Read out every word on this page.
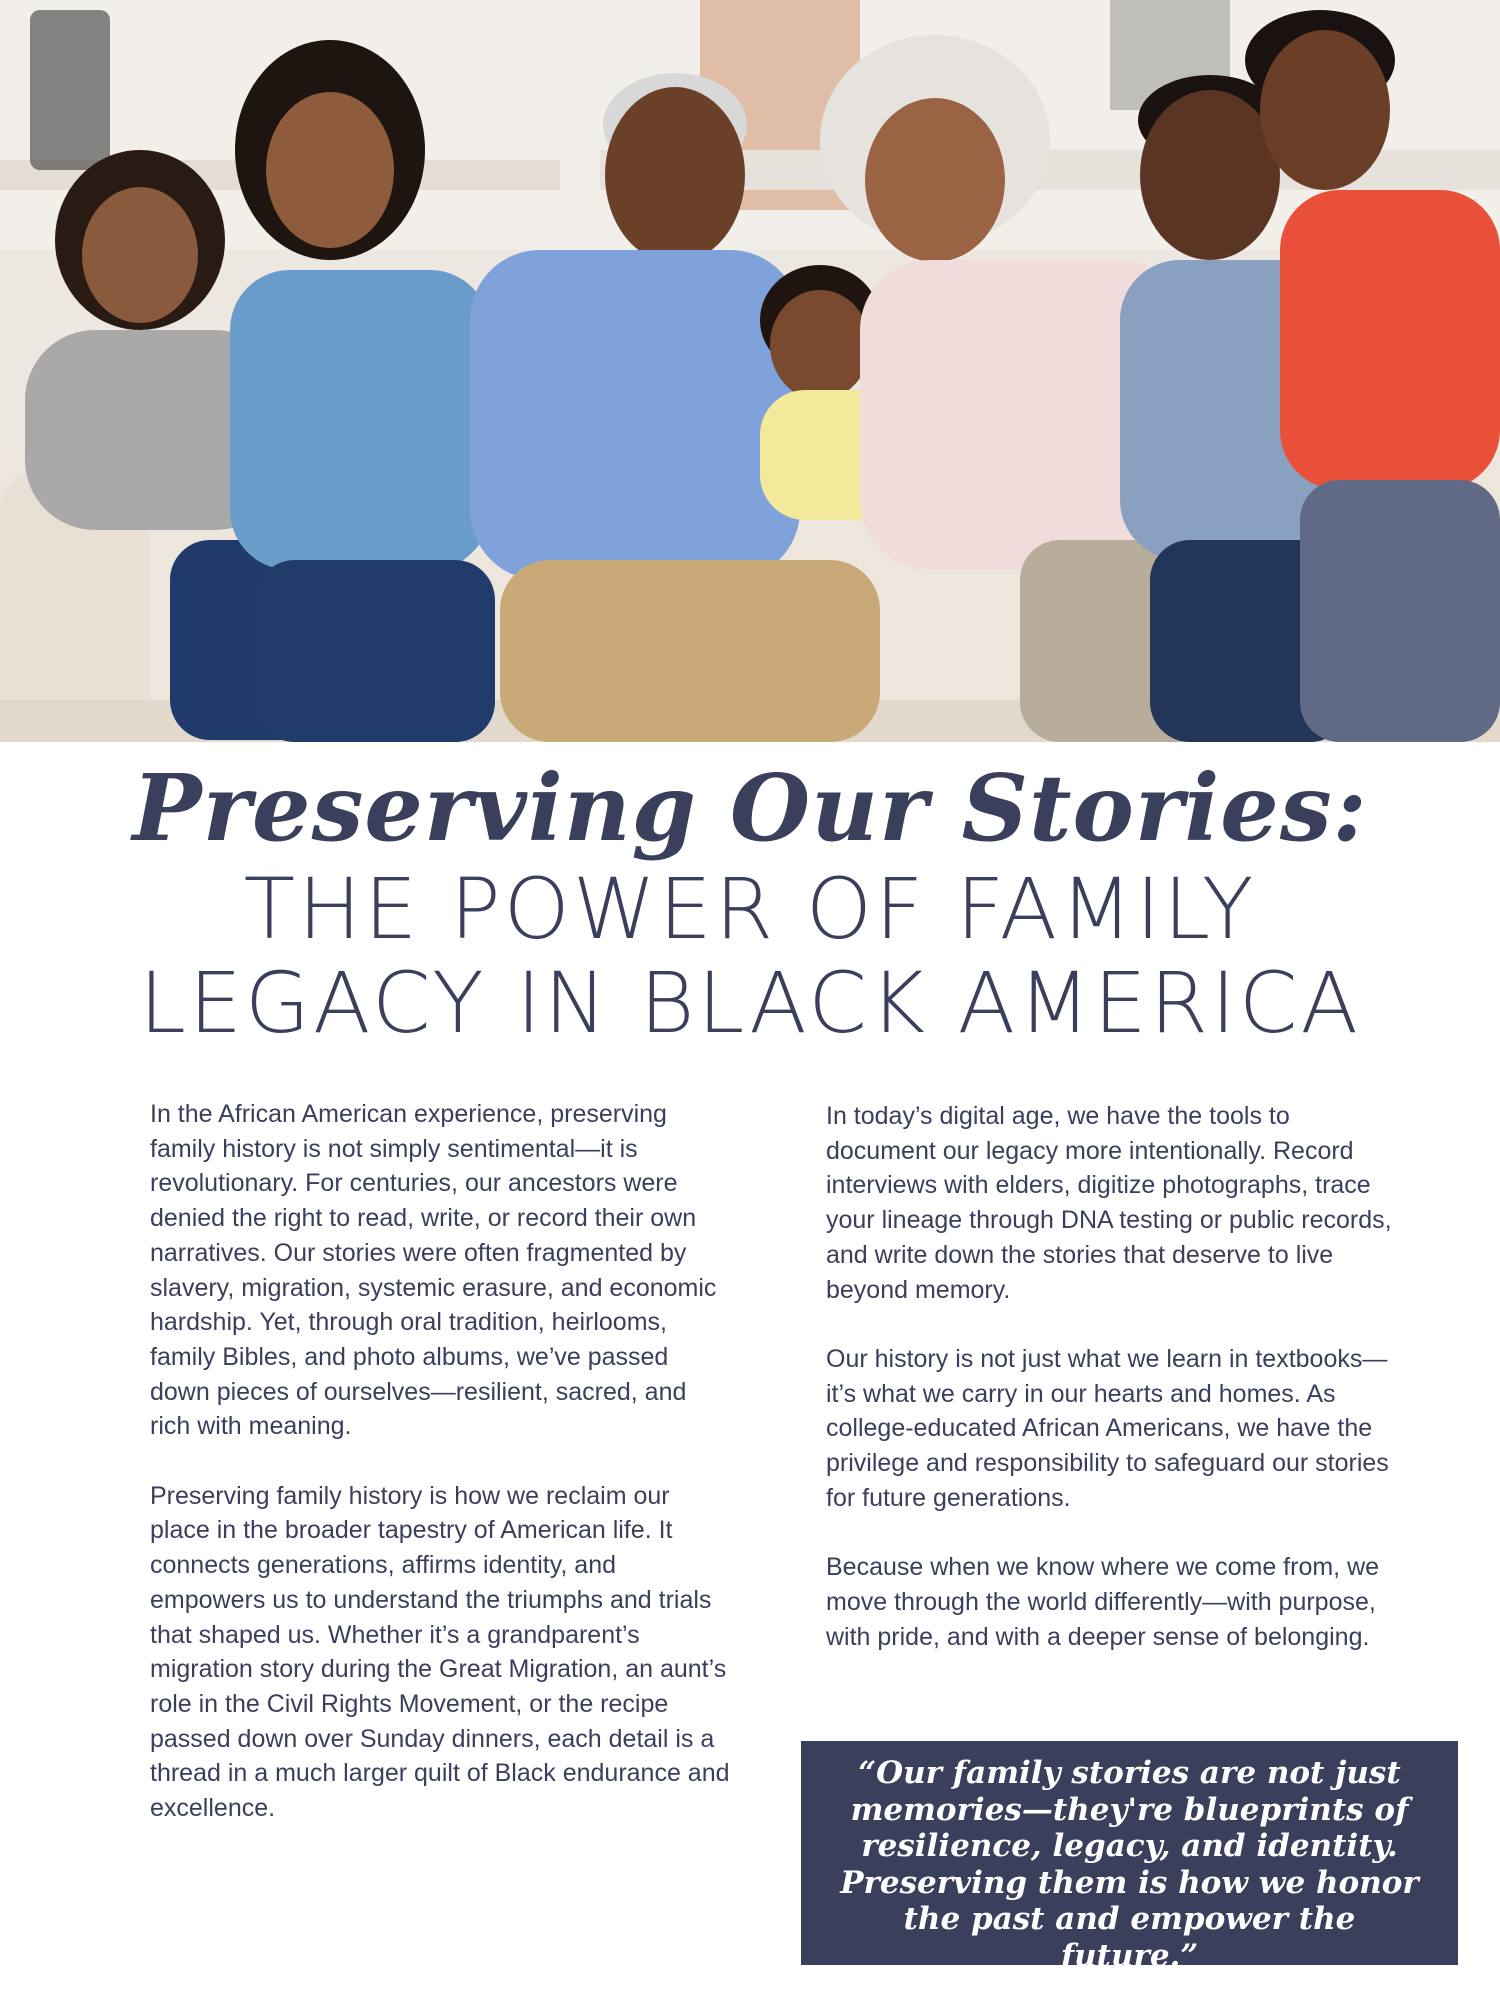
Preserving Our Stories:
THE POWER OF FAMILY
LEGACY IN BLACK AMERICA

In the African American experience, preserving family history is not simply sentimental—it is revolutionary. For centuries, our ancestors were denied the right to read, write, or record their own narratives. Our stories were often fragmented by slavery, migration, systemic erasure, and economic hardship. Yet, through oral tradition, heirlooms, family Bibles, and photo albums, we’ve passed down pieces of ourselves—resilient, sacred, and rich with meaning.

Preserving family history is how we reclaim our place in the broader tapestry of American life. It connects generations, affirms identity, and empowers us to understand the triumphs and trials that shaped us. Whether it’s a grandparent’s migration story during the Great Migration, an aunt’s role in the Civil Rights Movement, or the recipe passed down over Sunday dinners, each detail is a thread in a much larger quilt of Black endurance and excellence.

In today’s digital age, we have the tools to document our legacy more intentionally. Record interviews with elders, digitize photographs, trace your lineage through DNA testing or public records, and write down the stories that deserve to live beyond memory.

Our history is not just what we learn in textbooks—it’s what we carry in our hearts and homes. As college-educated African Americans, we have the privilege and responsibility to safeguard our stories for future generations.

Because when we know where we come from, we move through the world differently—with purpose, with pride, and with a deeper sense of belonging.

“Our family stories are not just memories—they're blueprints of resilience, legacy, and identity. Preserving them is how we honor the past and empower the future.”
